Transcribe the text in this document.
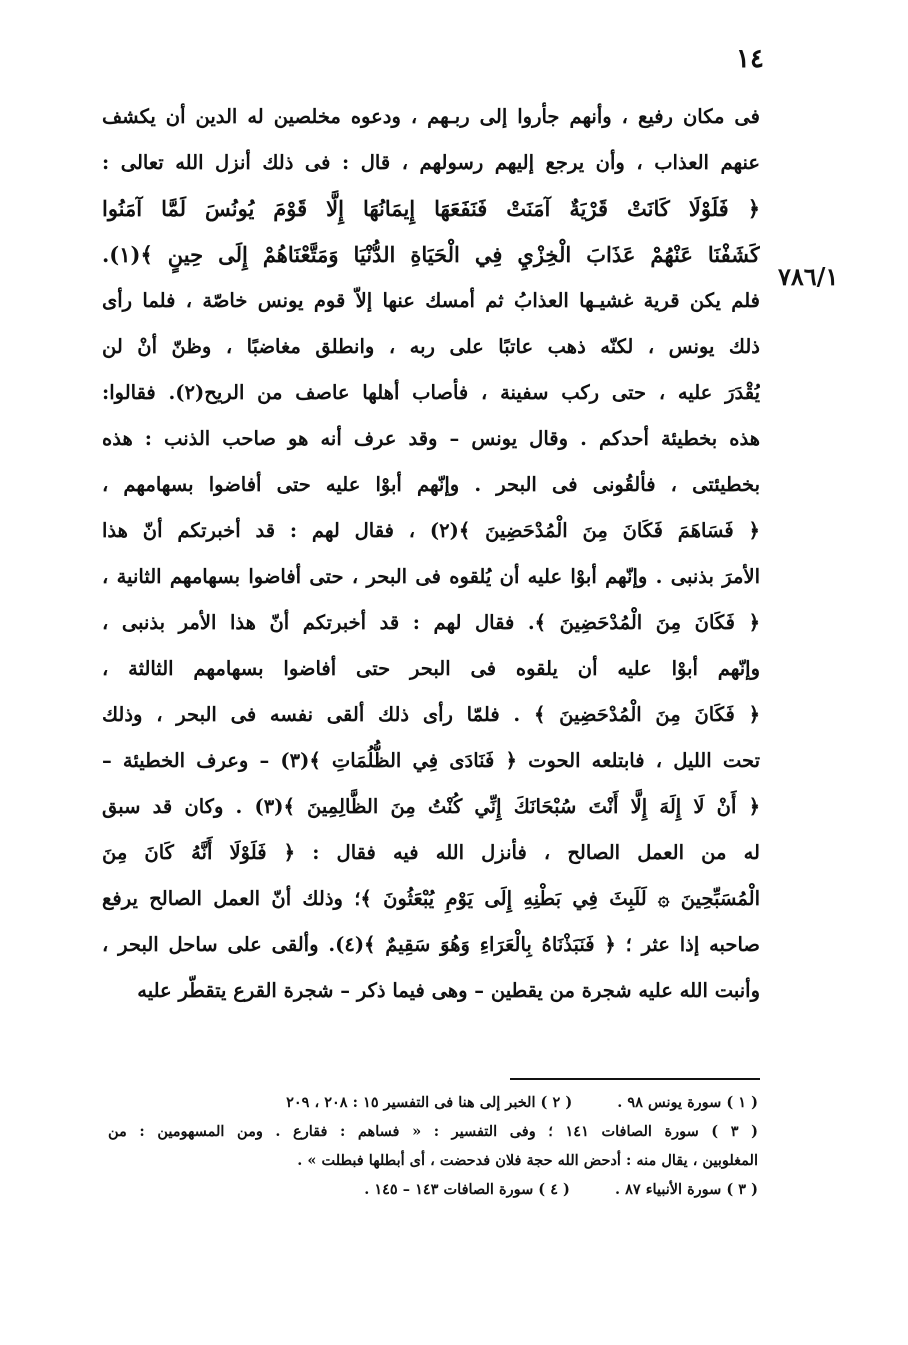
١٤
٧٨٦/١
فى مكان رفيع ، وأنهم جأروا إلى ربـهم ، ودعوه مخلصين له الدين أن يكشف
عنهم العذاب ، وأن يرجع إليهم رسولهم ، قال : فى ذلك أنزل الله تعالى :
﴿ فَلَوْلَا كَانَتْ قَرْيَةٌ آمَنَتْ فَنَفَعَهَا إِيمَانُهَا إِلَّا قَوْمَ يُونُسَ لَمَّا آمَنُوا
كَشَفْنَا عَنْهُمْ عَذَابَ الْخِزْيِ فِي الْحَيَاةِ الدُّنْيَا وَمَتَّعْنَاهُمْ إِلَى حِينٍ ﴾(١).
فلم يكن قرية غشيـها العذابُ ثم أمسك عنها إلاّ قوم يونس خاصّة ، فلما رأى
ذلك يونس ، لكنّه ذهب عاتبًا على ربه ، وانطلق مغاضبًا ، وظنّ أنْ لن
يُقْدَرَ عليه ، حتى ركب سفينة ، فأصاب أهلها عاصف من الريح(٢). فقالوا:
هذه بخطيئة أحدكم . وقال يونس – وقد عرف أنه هو صاحب الذنب : هذه
بخطيئتى ، فألقُونى فى البحر . وإنّهم أبوْا عليه حتى أفاضوا بسهامهم ،
﴿ فَسَاهَمَ فَكَانَ مِنَ الْمُدْحَضِينَ ﴾(٢) ، فقال لهم : قد أخبرتكم أنّ هذا
الأمرَ بذنبى . وإنّهم أبوْا عليه أن يُلقوه فى البحر ، حتى أفاضوا بسهامهم الثانية ،
﴿ فَكَانَ مِنَ الْمُدْحَضِينَ ﴾. فقال لهم : قد أخبرتكم أنّ هذا الأمر بذنبى ،
وإنّهم أبوْا عليه أن يلقوه فى البحر حتى أفاضوا بسهامهم الثالثة ،
﴿ فَكَانَ مِنَ الْمُدْحَضِينَ ﴾ . فلمّا رأى ذلك ألقى نفسه فى البحر ، وذلك
تحت الليل ، فابتلعه الحوت ﴿ فَنَادَى فِي الظُّلُمَاتِ ﴾(٣) – وعرف الخطيئة –
﴿ أَنْ لَا إِلَهَ إِلَّا أَنْتَ سُبْحَانَكَ إِنِّي كُنْتُ مِنَ الظَّالِمِينَ ﴾(٣) . وكان قد سبق
له من العمل الصالح ، فأنزل الله فيه فقال : ﴿ فَلَوْلَا أَنَّهُ كَانَ مِنَ
الْمُسَبِّحِينَ ۞ لَلَبِثَ فِي بَطْنِهِ إِلَى يَوْمِ يُبْعَثُونَ ﴾؛ وذلك أنّ العمل الصالح يرفع
صاحبه إذا عثر ؛ ﴿ فَنَبَذْنَاهُ بِالْعَرَاءِ وَهُوَ سَقِيمٌ ﴾(٤). وألقى على ساحل البحر ،
وأنبت الله عليه شجرة من يقطين – وهى فيما ذكر – شجرة القرع يتقطّر عليه
( ١ ) سورة يونس ٩٨ . ( ٢ ) الخبر إلى هنا فى التفسير ١٥ : ٢٠٨ ، ٢٠٩
( ٣ ) سورة الصافات ١٤١ ؛ وفى التفسير : « فساهم : فقارع . ومن المسهومين : من
المغلوبين ، يقال منه : أدحض الله حجة فلان فدحضت ، أى أبطلها فبطلت » .
( ٣ ) سورة الأنبياء ٨٧ . ( ٤ ) سورة الصافات ١٤٣ – ١٤٥ .
